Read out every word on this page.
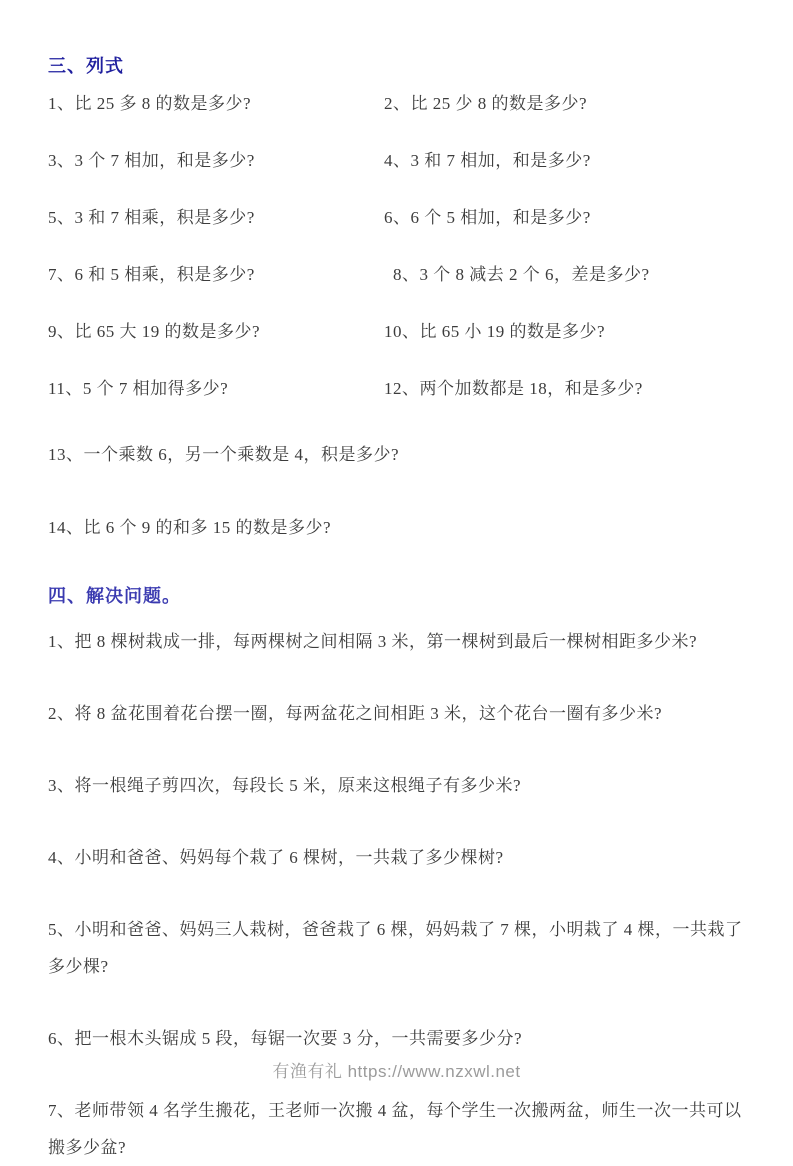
三、列式
1、比 25 多 8 的数是多少?	2、比 25 少 8 的数是多少?
3、3 个 7 相加，和是多少?	4、3 和 7 相加，和是多少?
5、3 和 7 相乘，积是多少?	6、6 个 5 相加，和是多少?
7、6 和 5 相乘，积是多少?	8、3 个 8 减去 2 个 6，差是多少?
9、比 65 大 19 的数是多少?	10、比 65 小 19 的数是多少?
11、5 个 7 相加得多少?	12、两个加数都是 18，和是多少?

13、一个乘数 6，另一个乘数是 4，积是多少?

14、比 6 个 9 的和多 15 的数是多少?

四、解决问题。

1、把 8 棵树栽成一排，每两棵树之间相隔 3 米，第一棵树到最后一棵树相距多少米?

2、将 8 盆花围着花台摆一圈，每两盆花之间相距 3 米，这个花台一圈有多少米?

3、将一根绳子剪四次，每段长 5 米，原来这根绳子有多少米?

4、小明和爸爸、妈妈每个栽了 6 棵树，一共栽了多少棵树?

5、小明和爸爸、妈妈三人栽树，爸爸栽了 6 棵，妈妈栽了 7 棵，小明栽了 4 棵，一共栽了多少棵?

6、把一根木头锯成 5 段，每锯一次要 3 分，一共需要多少分?

7、老师带领 4 名学生搬花，王老师一次搬 4 盆，每个学生一次搬两盆，师生一次一共可以搬多少盆?

有渔有礼 https://www.nzxwl.net
